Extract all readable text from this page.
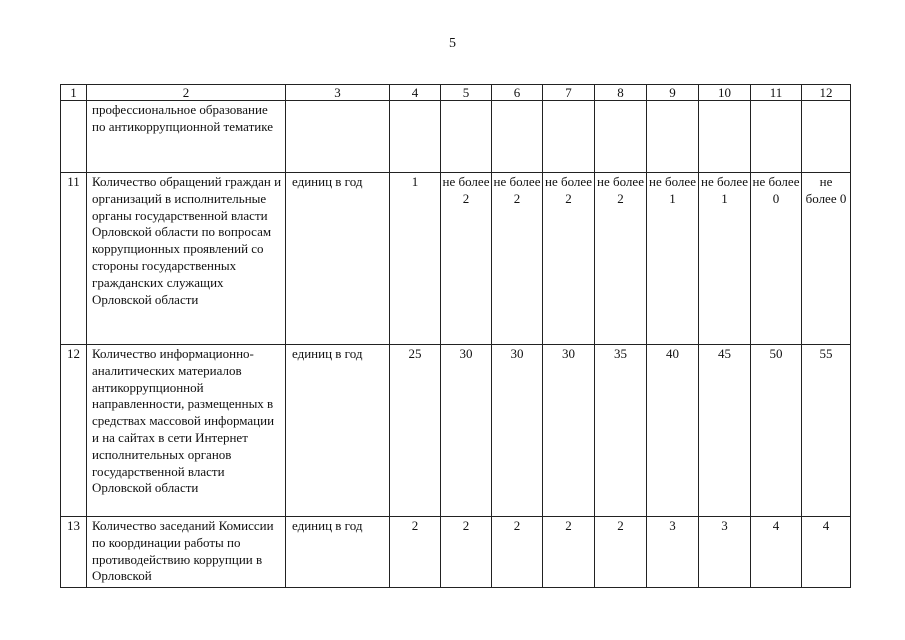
5
1	2	3	4	5	6	7	8	9	10	11	12
	профессиональное образование по антикоррупционной тематике										
11	Количество обращений граждан и организаций в исполнительные органы государственной власти Орловской области по вопросам коррупционных проявлений со стороны государственных гражданских служащих Орловской области	единиц в год	1	не более 2	не более 2	не более 2	не более 2	не более 1	не более 1	не более 0	не более 0
12	Количество информационно-аналитических материалов антикоррупционной направленности, размещенных в средствах массовой информации и на сайтах в сети Интернет исполнительных органов государственной власти Орловской области	единиц в год	25	30	30	30	35	40	45	50	55
13	Количество заседаний Комиссии по координации работы по противодействию коррупции в Орловской	единиц в год	2	2	2	2	2	3	3	4	4
